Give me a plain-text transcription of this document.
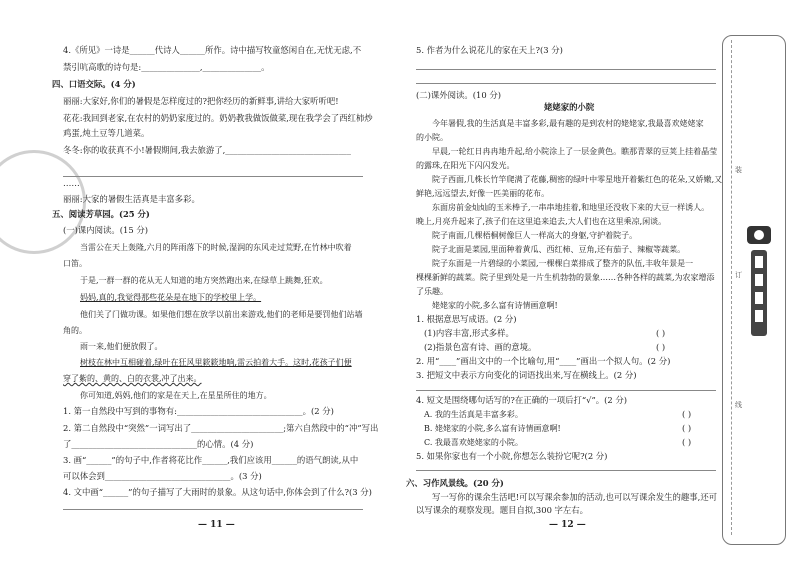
4.《所见》一诗是______代诗人______所作。诗中描写牧童悠闲自在,无忧无虑,不
禁引吭高歌的诗句是:______________,______________。
四、口语交际。(4 分)
丽丽:大家好,你们的暑假是怎样度过的?把你经历的新鲜事,讲给大家听听吧!
花花:我回到老家,在农村的奶奶家度过的。奶奶教我做饭做菜,现在我学会了西红柿炒
鸡蛋,炖土豆等几道菜。
冬冬:你的收获真不小!暑假期间,我去旅游了,______________________________
……
丽丽:大家的暑假生活真是丰富多彩。
五、阅读芳草园。(25 分)
(一)课内阅读。(15 分)
当雷公在天上轰隆,六月的阵雨落下的时候,湿润的东风走过荒野,在竹林中吹着
口笛。
于是,一群一群的花从无人知道的地方突然跑出来,在绿草上跳舞,狂欢。
妈妈,真的,我觉得那些花朵是在地下的学校里上学。
他们关了门做功课。如果他们想在放学以前出来游戏,他们的老师是要罚他们站墙
角的。
雨一来,他们便放假了。
树枝在林中互相碰着,绿叶在狂风里簌簌地响,雷云拍着大手。这时,花孩子们便
穿了紫的、黄的、白的衣裳,冲了出来。
你可知道,妈妈,他们的家是在天上,在星星所住的地方。
1. 第一自然段中写到的事物有:______________________________。(2 分)
2. 第二自然段中“突然”一词写出了______________________;第六自然段中的“冲”写出
了______________________________的心情。(4 分)
3. 画“______”的句子中,作者将花比作______,我们应该用______的语气朗读,从中
可以体会到______________________________。(3 分)
4. 文中画“______”的句子描写了大雨时的景象。从这句话中,你体会到了什么?(3 分)
— 11 —
5. 作者为什么说花儿的家在天上?(3 分)
(二)课外阅读。(10 分)
姥姥家的小院
今年暑假,我的生活真是丰富多彩,最有趣的是到农村的姥姥家,我最喜欢姥姥家
的小院。
早晨,一轮红日冉冉地升起,给小院涂上了一层金黄色。瞧那青翠的豆荚上挂着晶莹
的露珠,在阳光下闪闪发光。
院子西面,几株长竹竿爬满了花藤,稠密的绿叶中零星地开着紫红色的花朵,又娇嫩,又
鲜艳,远远望去,好像一匹美丽的花布。
东面房前金灿灿的玉米棒子,一串串地挂着,和地里还没收下来的大豆一样诱人。
晚上,月亮升起来了,孩子们在这里追来追去,大人们也在这里乘凉,闲谈。
院子南面,几棵梧桐树像巨人一样高大的身躯,守护着院子。
院子北面是菜园,里面种着黄瓜、西红柿、豆角,还有茄子、辣椒等蔬菜。
院子东面是一片碧绿的小菜园,一棵棵白菜排成了整齐的队伍,丰收年景是一
棵棵新鲜的蔬菜。院子里到处是一片生机勃勃的景象……各种各样的蔬菜,为农家增添
了乐趣。
姥姥家的小院,多么富有诗情画意啊!
1. 根据意思写成语。(2 分)
(1)内容丰富,形式多样。	( )
(2)指景色富有诗、画的意境。	( )
2. 用“____”画出文中的一个比喻句,用“____”画出一个拟人句。(2 分)
3. 把短文中表示方向变化的词语找出来,写在横线上。(2 分)
4. 短文是围绕哪句话写的?在正确的一项后打“√”。(2 分)
A. 我的生活真是丰富多彩。	( )
B. 姥姥家的小院,多么富有诗情画意啊!	( )
C. 我最喜欢姥姥家的小院。	( )
5. 如果你家也有一个小院,你想怎么装扮它呢?(2 分)
六、习作风景线。(20 分)
写一写你的课余生活吧!可以写课余参加的活动,也可以写课余发生的趣事,还可
以写课余的观察发现。题目自拟,300 字左右。
— 12 —
装
订
线
